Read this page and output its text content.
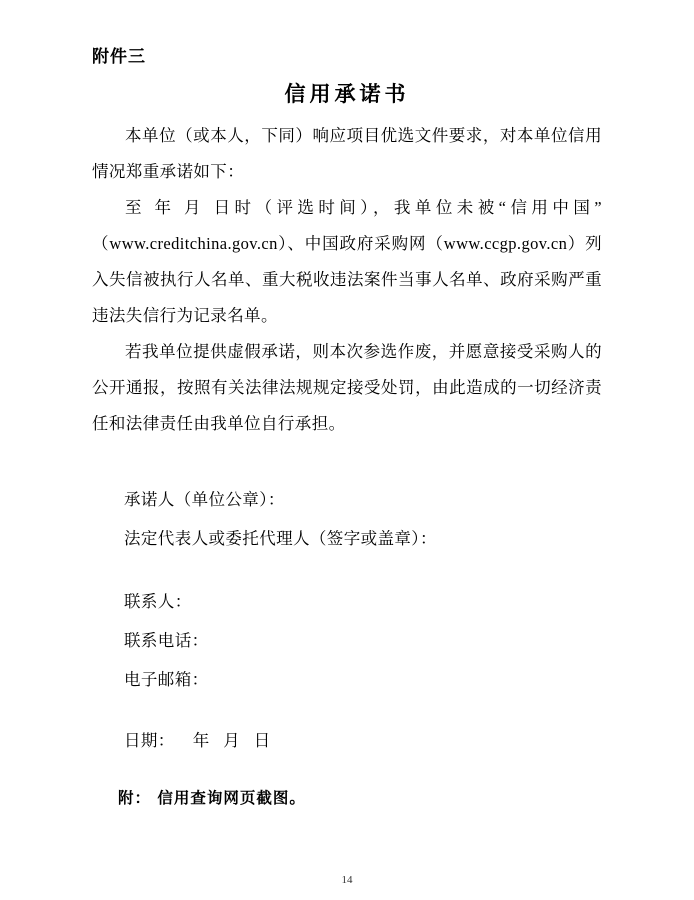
附件三
信用承诺书

本单位（或本人，下同）响应项目优选文件要求，对本单位信用情况郑重承诺如下：

至 年 月 日时（评选时间），我单位未被“信用中国”（www.creditchina.gov.cn）、中国政府采购网（www.ccgp.gov.cn）列入失信被执行人名单、重大税收违法案件当事人名单、政府采购严重违法失信行为记录名单。

若我单位提供虚假承诺，则本次参选作废，并愿意接受采购人的公开通报，按照有关法律法规规定接受处罚，由此造成的一切经济责任和法律责任由我单位自行承担。

承诺人（单位公章）：
法定代表人或委托代理人（签字或盖章）：
联系人：
联系电话：
电子邮箱：
日期：    年   月   日
附： 信用查询网页截图。
14
